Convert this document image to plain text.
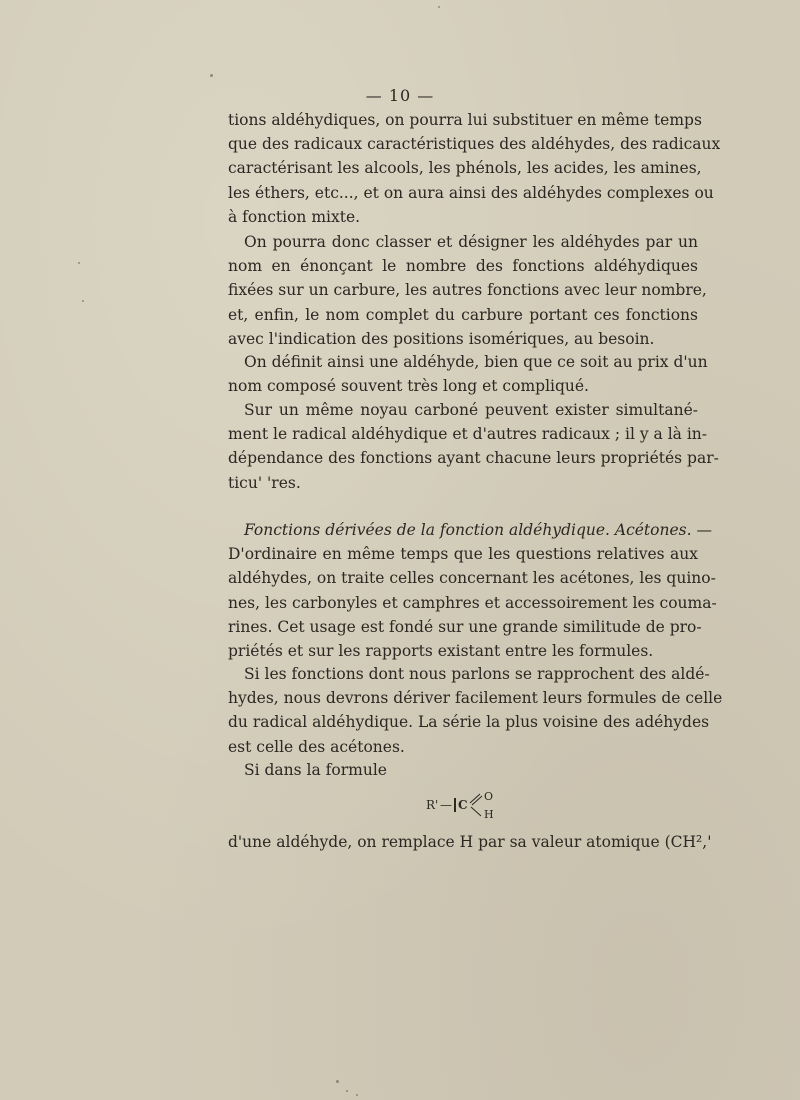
— 10 —
tions aldéhydiques, on pourra lui substituer en même temps
que des radicaux caractéristiques des aldéhydes, des radicaux
caractérisant les alcools, les phénols, les acides, les amines,
les éthers, etc..., et on aura ainsi des aldéhydes complexes ou
à fonction mixte.
On pourra donc classer et désigner les aldéhydes par un
nom en énonçant le nombre des fonctions aldéhydiques
fixées sur un carbure, les autres fonctions avec leur nombre,
et, enfin, le nom complet du carbure portant ces fonctions
avec l'indication des positions isomériques, au besoin.
On définit ainsi une aldéhyde, bien que ce soit au prix d'un
nom composé souvent très long et compliqué.
Sur un même noyau carboné peuvent exister simultané-
ment le radical aldéhydique et d'autres radicaux ; il y a là in-
dépendance des fonctions ayant chacune leurs propriétés par-
ticu' 'res.
Fonctions dérivées de la fonction aldéhydique. Acétones. —
D'ordinaire en même temps que les questions relatives aux
aldéhydes, on traite celles concernant les acétones, les quino-
nes, les carbonyles et camphres et accessoirement les couma-
rines. Cet usage est fondé sur une grande similitude de pro-
priétés et sur les rapports existant entre les formules.
Si les fonctions dont nous parlons se rapprochent des aldé-
hydes, nous devrons dériver facilement leurs formules de celle
du radical aldéhydique. La série la plus voisine des adéhydes
est celle des acétones.
Si dans la formule
R' — C
O
H
d'une aldéhyde, on remplace H par sa valeur atomique (CH²,'
